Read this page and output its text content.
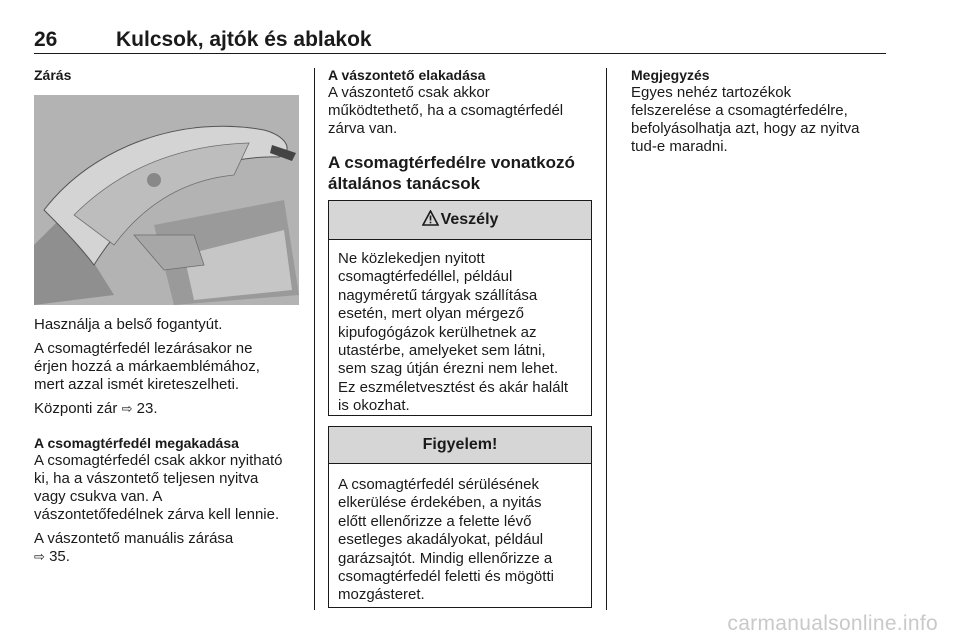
26	Kulcsok, ajtók és ablakok

Zárás

Használja a belső fogantyút.

A csomagtérfedél lezárásakor ne
érjen hozzá a márkaemblémához,
mert azzal ismét kireteszelheti.

Központi zár ⇨ 23.

A csomagtérfedél megakadása

A csomagtérfedél csak akkor nyitható
ki, ha a vászontető teljesen nyitva
vagy csukva van. A
vászontetőfedélnek zárva kell lennie.

A vászontető manuális zárása
⇨ 35.

A vászontető elakadása

A vászontető csak akkor
működtethető, ha a csomagtérfedél
zárva van.

A csomagtérfedélre vonatkozó
általános tanácsok

Veszély
Ne közlekedjen nyitott
csomagtérfedéllel, például
nagyméretű tárgyak szállítása
esetén, mert olyan mérgező
kipufogógázok kerülhetnek az
utastérbe, amelyeket sem látni,
sem szag útján érezni nem lehet.
Ez eszméletvesztést és akár halált
is okozhat.
Figyelem!
A csomagtérfedél sérülésének
elkerülése érdekében, a nyitás
előtt ellenőrizze a felette lévő
esetleges akadályokat, például
garázsajtót. Mindig ellenőrizze a
csomagtérfedél feletti és mögötti
mozgásteret.

Megjegyzés

Egyes nehéz tartozékok
felszerelése a csomagtérfedélre,
befolyásolhatja azt, hogy az nyitva
tud-e maradni.

carmanualsonline.info
